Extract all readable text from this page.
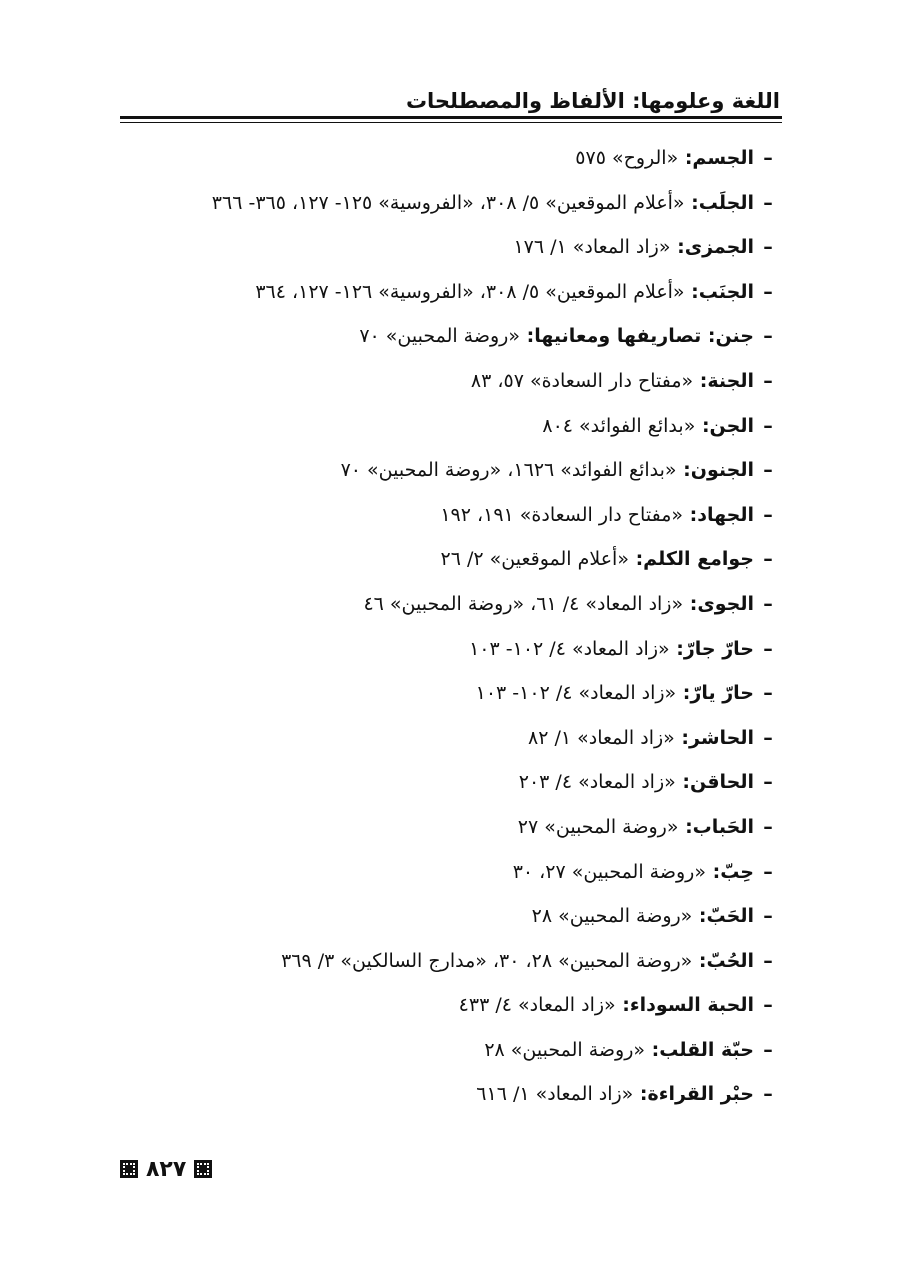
اللغة وعلومها: الألفاظ والمصطلحات
–الجسم: «الروح» ٥٧٥
–الجلَب: «أعلام الموقعين» ٥/ ٣٠٨، «الفروسية» ١٢٥- ١٢٧، ٣٦٥- ٣٦٦
–الجمزى: «زاد المعاد» ١/ ١٧٦
–الجنَب: «أعلام الموقعين» ٥/ ٣٠٨، «الفروسية» ١٢٦- ١٢٧، ٣٦٤
–جنن: تصاريفها ومعانيها: «روضة المحبين» ٧٠
–الجنة: «مفتاح دار السعادة» ٥٧، ٨٣
–الجن: «بدائع الفوائد» ٨٠٤
–الجنون: «بدائع الفوائد» ١٦٢٦، «روضة المحبين» ٧٠
–الجهاد: «مفتاح دار السعادة» ١٩١، ١٩٢
–جوامع الكلم: «أعلام الموقعين» ٢/ ٢٦
–الجوى: «زاد المعاد» ٤/ ٦١، «روضة المحبين» ٤٦
–حارّ جارّ: «زاد المعاد» ٤/ ١٠٢- ١٠٣
–حارّ يارّ: «زاد المعاد» ٤/ ١٠٢- ١٠٣
–الحاشر: «زاد المعاد» ١/ ٨٢
–الحاقن: «زاد المعاد» ٤/ ٢٠٣
–الحَباب: «روضة المحبين» ٢٧
–حِبّ: «روضة المحبين» ٢٧، ٣٠
–الحَبّ: «روضة المحبين» ٢٨
–الحُبّ: «روضة المحبين» ٢٨، ٣٠، «مدارج السالكين» ٣/ ٣٦٩
–الحبة السوداء: «زاد المعاد» ٤/ ٤٣٣
–حبّة القلب: «روضة المحبين» ٢٨
–حبْر القراءة: «زاد المعاد» ١/ ٦١٦
٨٢٧
